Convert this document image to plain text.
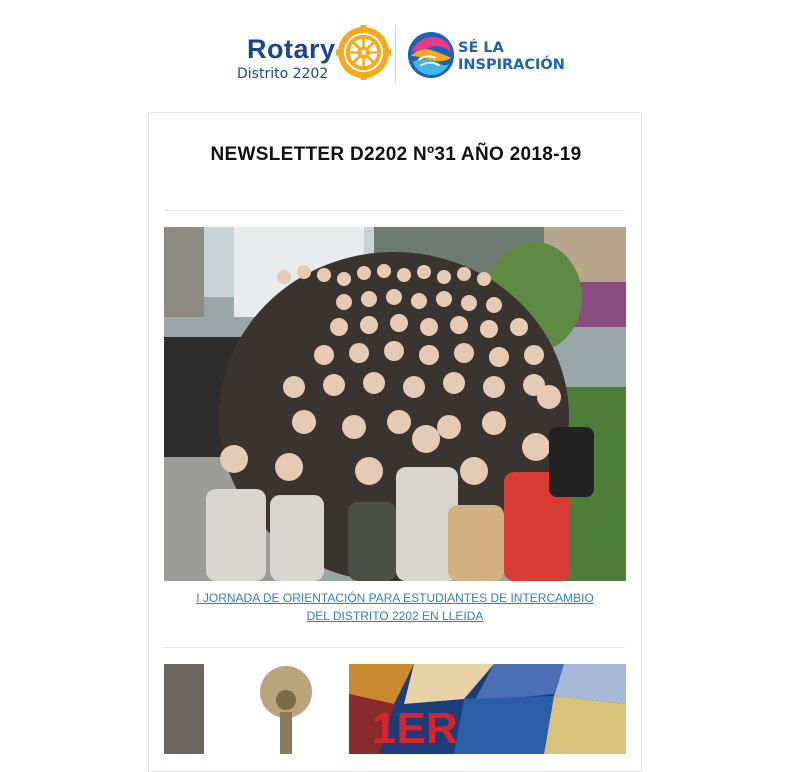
Rotary
Distrito 2202
SÉ LA
INSPIRACIÓN
NEWSLETTER D2202 Nº31 AÑO 2018-19
I JORNADA DE ORIENTACIÓN PARA ESTUDIANTES DE INTERCAMBIO
DEL DISTRITO 2202 EN LLEIDA
1ER
